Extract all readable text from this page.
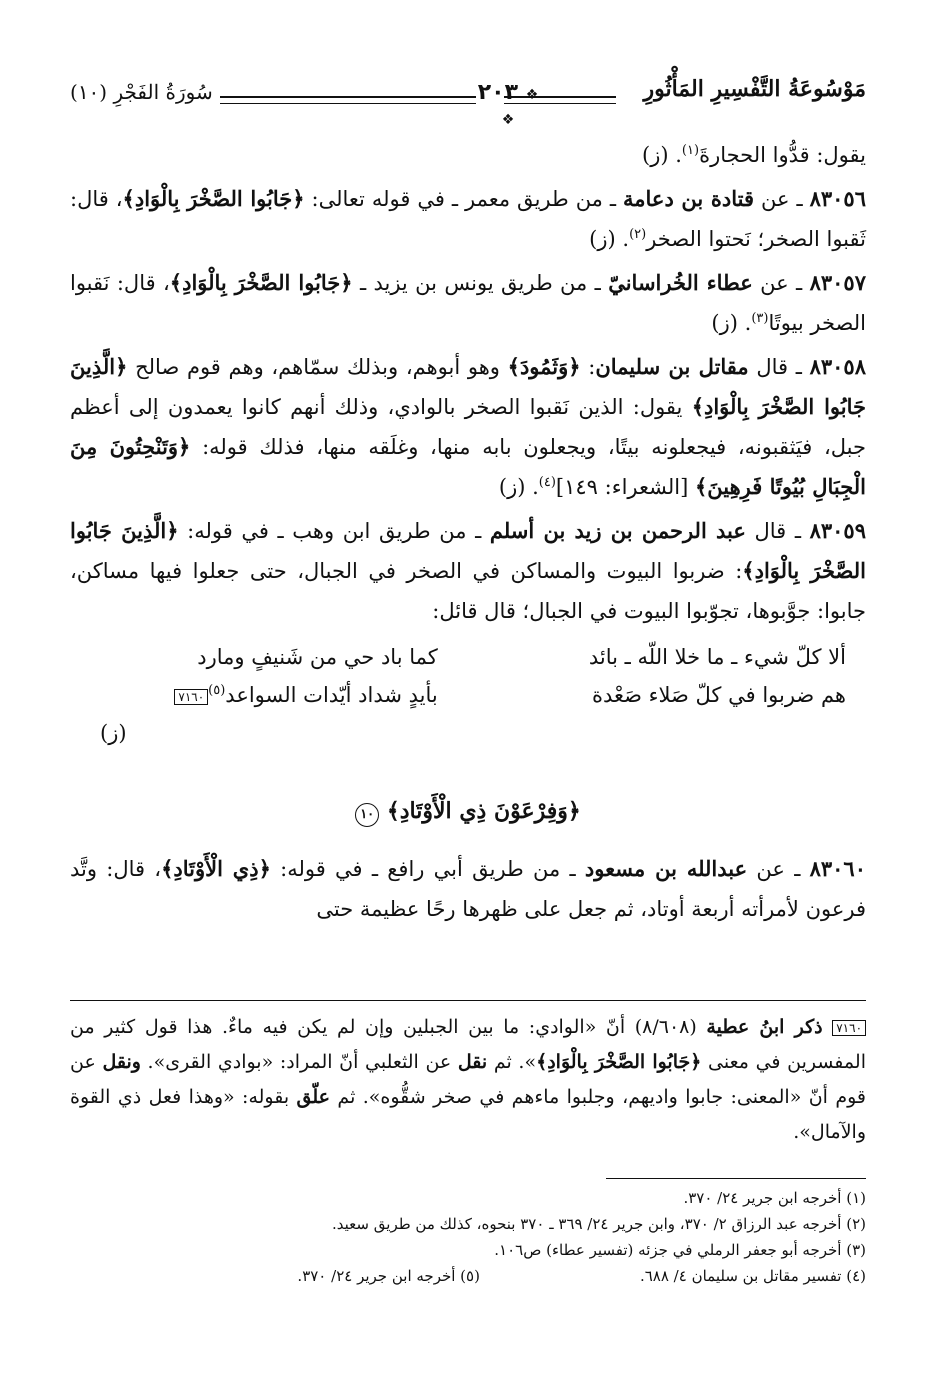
مَوْسُوعَةُ التَّفْسِيرِ المَأْثُورِ
❖ ٢٠٣ ❖
سُورَةُ الفَجْرِ (١٠)

يقول: قدُّوا الحجارةَ$^{(١)}$. (ز)

٨٣٠٥٦ ـ عن قتادة بن دعامة ـ من طريق معمر ـ في قوله تعالى: ﴿جَابُوا الصَّخْرَ بِالْوَادِ﴾، قال: ثَقبوا الصخر؛ نَحتوا الصخر$^{(٢)}$. (ز)

٨٣٠٥٧ ـ عن عطاء الخُراسانيّ ـ من طريق يونس بن يزيد ـ ﴿جَابُوا الصَّخْرَ بِالْوَادِ﴾، قال: نَقبوا الصخر بيوتًا$^{(٣)}$. (ز)

٨٣٠٥٨ ـ قال مقاتل بن سليمان: ﴿وَثَمُودَ﴾ وهو أبوهم، وبذلك سمّاهم، وهم قوم صالح ﴿الَّذِينَ جَابُوا الصَّخْرَ بِالْوَادِ﴾ يقول: الذين نَقبوا الصخر بالوادي، وذلك أنهم كانوا يعمدون إلى أعظم جبل، فيَثقبونه، فيجعلونه بيتًا، ويجعلون بابه منها، وغلَقه منها، فذلك قوله: ﴿وَتَنْحِتُونَ مِنَ الْجِبَالِ بُيُوتًا فَرِهِينَ﴾ [الشعراء: ١٤٩]$^{(٤)}$. (ز)

٨٣٠٥٩ ـ قال عبد الرحمن بن زيد بن أسلم ـ من طريق ابن وهب ـ في قوله: ﴿الَّذِينَ جَابُوا الصَّخْرَ بِالْوَادِ﴾: ضربوا البيوت والمساكن في الصخر في الجبال، حتى جعلوا فيها مساكن، جابوا: جوَّبوها، تجوّبوا البيوت في الجبال؛ قال قائل:

ألا كلّ شيء ـ ما خلا اللّه ـ بائد
كما باد حي من شَنيفٍ ومارد
هم ضربوا في كلّ صَلاء صَعْدة
بأيدٍ شداد أيّدات السواعد$^{(٥)}$٧١٦٠

(ز)

﴿وَفِرْعَوْنَ ذِي الْأَوْتَادِ﴾ ١٠

٨٣٠٦٠ ـ عن عبدالله بن مسعود ـ من طريق أبي رافع ـ في قوله: ﴿ذِي الْأَوْتَادِ﴾، قال: وتَّد فرعون لأمرأته أربعة أوتاد، ثم جعل على ظهرها رحًا عظيمة حتى

٧١٦٠ ذكر ابنُ عطية (٨/٦٠٨) أنّ «الوادي: ما بين الجبلين وإن لم يكن فيه ماءٌ. هذا قول كثير من المفسرين في معنى ﴿جَابُوا الصَّخْرَ بِالْوَادِ﴾». ثم نقل عن الثعلبي أنّ المراد: «بوادي القرى». ونقل عن قوم أنّ «المعنى: جابوا واديهم، وجلبوا ماءهم في صخر شقُّوه». ثم علّق بقوله: «وهذا فعل ذي القوة والآمال».
(١) أخرجه ابن جرير ٢٤/ ٣٧٠.
(٢) أخرجه عبد الرزاق ٢/ ٣٧٠، وابن جرير ٢٤/ ٣٦٩ ـ ٣٧٠ بنحوه، كذلك من طريق سعيد.
(٣) أخرجه أبو جعفر الرملي في جزئه (تفسير عطاء) ص١٠٦.
(٤) تفسير مقاتل بن سليمان ٤/ ٦٨٨.
(٥) أخرجه ابن جرير ٢٤/ ٣٧٠.
